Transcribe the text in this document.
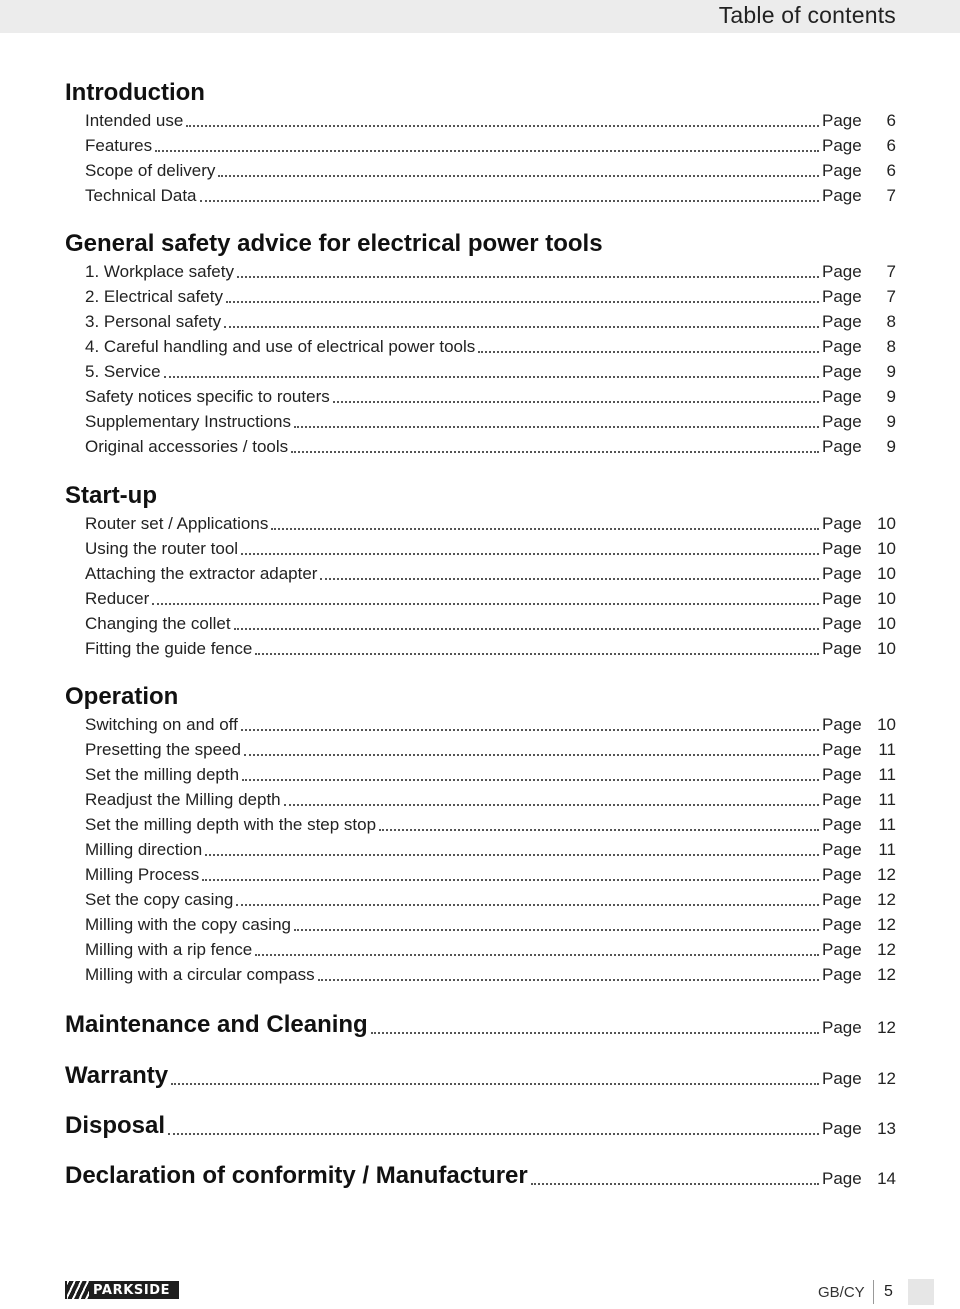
Table of contents
Introduction
Intended use	Page	6
Features	Page	6
Scope of delivery	Page	6
Technical Data	Page	7
General safety advice for electrical power tools
1. Workplace safety	Page	7
2. Electrical safety	Page	7
3. Personal safety	Page	8
4. Careful handling and use of electrical power tools	Page	8
5. Service	Page	9
Safety notices specific to routers	Page	9
Supplementary Instructions	Page	9
Original accessories / tools	Page	9
Start-up
Router set / Applications	Page 10
Using the router tool	Page 10
Attaching the extractor adapter	Page 10
Reducer	Page 10
Changing the collet	Page 10
Fitting the guide fence	Page 10
Operation
Switching on and off	Page 10
Presetting the speed	Page 11
Set the milling depth	Page 11
Readjust the Milling depth	Page 11
Set the milling depth with the step stop	Page 11
Milling direction	Page 11
Milling Process	Page 12
Set the copy casing	Page 12
Milling with the copy casing	Page 12
Milling with a rip fence	Page 12
Milling with a circular compass	Page 12
Maintenance and Cleaning	Page 12
Warranty	Page 12
Disposal	Page 13
Declaration of conformity / Manufacturer	Page 14
PARKSIDE	GB/CY 5
